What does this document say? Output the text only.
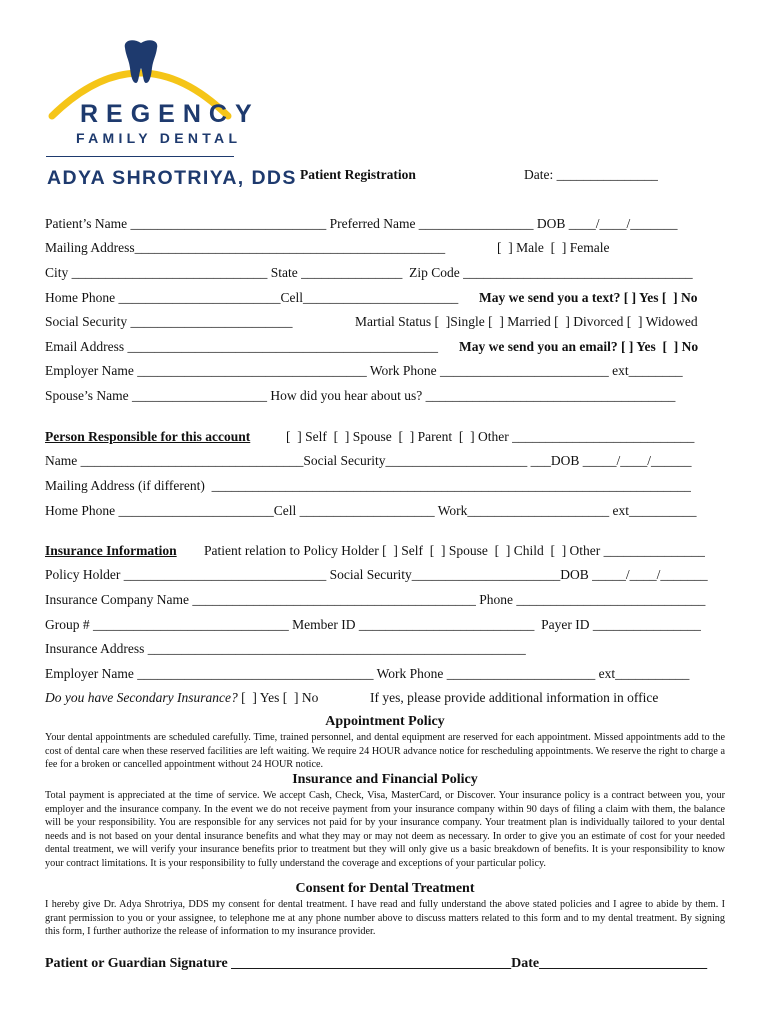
REGENCY
FAMILY DENTAL
ADYA SHROTRIYA, DDS Patient Registration	Date: _______________
Patient’s Name _____________________________ Preferred Name _________________ DOB ____/____/_______
Mailing Address______________________________________________	[  ] Male  [  ] Female
City _____________________________ State _______________  Zip Code __________________________________
Home Phone ________________________Cell_______________________ May we send you a text? [ ] Yes [  ] No
Social Security ________________________	Martial Status [  ]Single [  ] Married [  ] Divorced [  ] Widowed
Email Address ______________________________________________ May we send you an email? [ ] Yes  [  ] No
Employer Name __________________________________ Work Phone _________________________ ext________
Spouse’s Name ____________________ How did you hear about us? _____________________________________
Person Responsible for this account	[  ] Self  [  ] Spouse  [  ] Parent  [  ] Other ___________________________
Name _________________________________Social Security_____________________ ___DOB _____/____/______
Mailing Address (if different)  _______________________________________________________________________
Home Phone _______________________Cell ____________________ Work_____________________ ext__________
Insurance Information Patient relation to Policy Holder [  ] Self  [  ] Spouse  [  ] Child  [  ] Other _______________
Policy Holder ______________________________ Social Security______________________DOB _____/____/_______
Insurance Company Name __________________________________________ Phone ____________________________
Group # _____________________________ Member ID __________________________  Payer ID ________________
Insurance Address ________________________________________________________
Employer Name ___________________________________ Work Phone ______________________ ext___________
Do you have Secondary Insurance? [  ] Yes [  ] No	If yes, please provide additional information in office
Appointment Policy
Your dental appointments are scheduled carefully. Time, trained personnel, and dental equipment are reserved for each appointment. Missed appointments add to the cost of dental care when these reserved facilities are left waiting. We require 24 HOUR advance notice for rescheduling appointments. We reserve the right to charge a fee for a broken or cancelled appointment without 24 HOUR notice.
Insurance and Financial Policy
Total payment is appreciated at the time of service. We accept Cash, Check, Visa, MasterCard, or Discover. Your insurance policy is a contract between you, your employer and the insurance company. In the event we do not receive payment from your insurance company within 90 days of filing a claim with them, the balance will be your responsibility. You are responsible for any services not paid for by your insurance company. Your treatment plan is individually tailored to your dental needs and is not based on your dental insurance benefits and what they may or may not deem as necessary. In order to give you an estimate of cost for your needed dental treatment, we will verify your insurance benefits prior to treatment but they will only give us a basic breakdown of benefits. It is your responsibility to know your contract limitations. It is your responsibility to fully understand the coverage and exceptions of your particular policy.
Consent for Dental Treatment
I hereby give Dr. Adya Shrotriya, DDS my consent for dental treatment. I have read and fully understand the above stated policies and I agree to abide by them. I grant permission to you or your assignee, to telephone me at any phone number above to discuss matters related to this form and to my dental treatment. By signing this form, I further authorize the release of information to my insurance provider.
Patient or Guardian Signature ________________________________________Date________________________
